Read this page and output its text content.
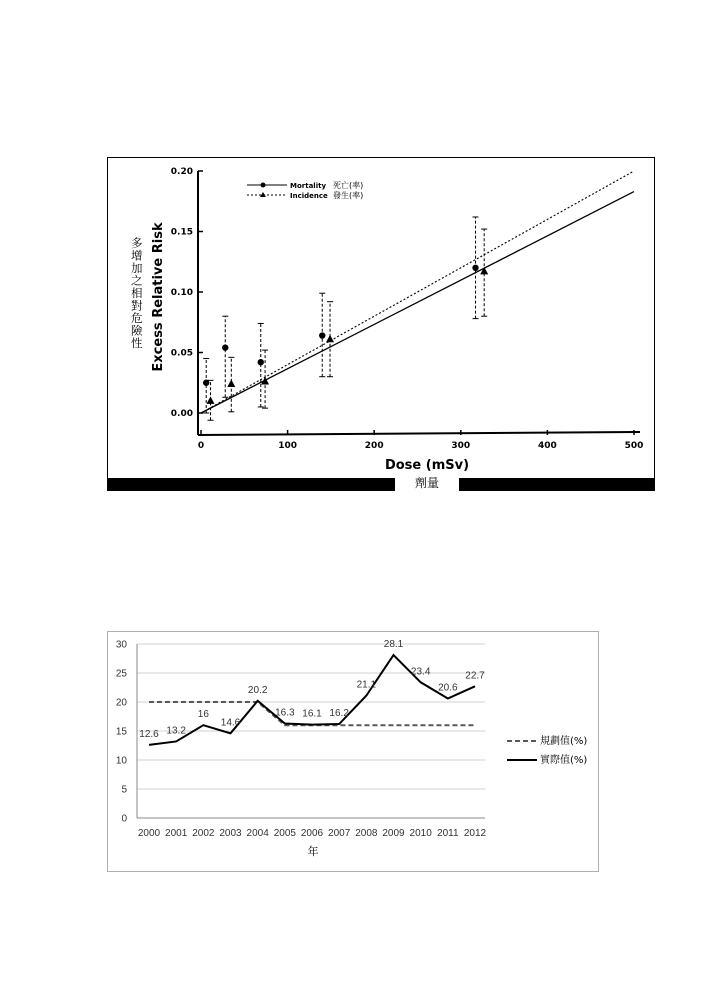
劑量
0.00
0.05
0.10
0.15
0.20
0	100	200	300	400	500
Dose (mSv)
Excess Relative Risk
多增加之相對危險性
Mortality 死亡(率)
Incidence 發生(率)
0
5
10
15
20
25
30
2000 2001 2002 2003 2004 2005 2006 2007 2008 2009 2010 2011 2012
12.6 13.2
16
14.6
20.2
16.3 16.1 16.2
21.1
28.1
23.4
20.6
22.7
年
規劃值(%)
實際值(%)
